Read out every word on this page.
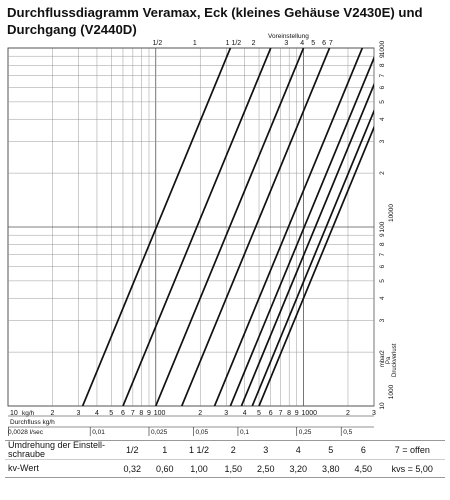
Durchflussdiagramm Veramax, Eck (kleines Gehäuse V2430E) und Durchgang (V2440D)	Voreinstellung
1/2	1	1 1/2 2	3 4 5 6 7
10	2	3 4 5 6 7 8 9 100	2	3 4 5 6 7 8 9 1000	2	3
kg/h
Durchfluss kg/h
0,0028 l/sec	0,01	0,025	0,05	0,1	0,25	0,5
10
2
3
4
5
6
7
8
9
100
2
3
4
5
6
7
8
9
1000
1000
10000
mbar Pa Druckverlust
Umdrehung der Einstell-schraube	1/2	1	1 1/2	2	3	4	5	6	7 = offen
kv-Wert	0,32	0,60	1,00	1,50	2,50	3,20	3,80	4,50	kvs = 5,00
